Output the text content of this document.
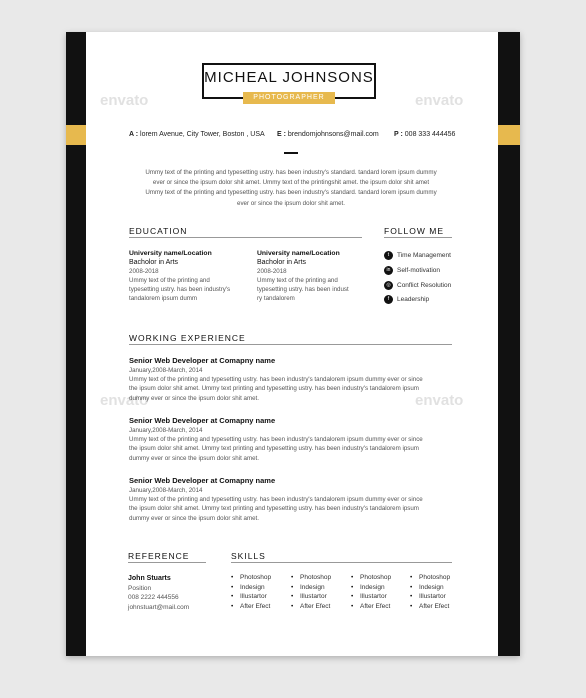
envato	envato
envato	envato
MICHEAL JOHNSONS
PHOTOGRAPHER
A : lorem Avenue, City Tower, Boston , USA E : brendomjohnsons@mail.com P : 008 333 444456
Ummy text of the printing and typesetting ustry. has been industry's standard. tandard lorem ipsum dummy
ever or since the ipsum dolor shit amet. Ummy text of the printingshit amet. the ipsum dolor shit amet
Ummy text of the printing and typesetting ustry. has been industry's standard. tandard lorem ipsum dummy
ever or since the ipsum dolor shit amet.
EDUCATION
University name/Location
Bacholor in Arts
2008-2018
Ummy text of the printing and
typesetting ustry. has been industry's
tandalorem ipsum dumm
University name/Location
Bacholor in Arts
2008-2018
Ummy text of the printing and
typesetting ustry. has been indust
ry tandalorem
FOLLOW ME
t	Time Management
in	Self-motivation
◎ Conflict Resolution
f	Leadership
WORKING EXPERIENCE
Senior Web Developer at Comapny name
January,2008-March, 2014
Ummy text of the printing and typesetting ustry. has been industry's tandalorem ipsum dummy ever or since
the ipsum dolor shit amet. Ummy text printing and typesetting ustry. has been industry's tandalorem ipsum
dummy ever or since the ipsum dolor shit amet.
Senior Web Developer at Comapny name
January,2008-March, 2014
Ummy text of the printing and typesetting ustry. has been industry's tandalorem ipsum dummy ever or since
the ipsum dolor shit amet. Ummy text printing and typesetting ustry. has been industry's tandalorem ipsum
dummy ever or since the ipsum dolor shit amet.
Senior Web Developer at Comapny name
January,2008-March, 2014
Ummy text of the printing and typesetting ustry. has been industry's tandalorem ipsum dummy ever or since
the ipsum dolor shit amet. Ummy text printing and typesetting ustry. has been industry's tandalorem ipsum
dummy ever or since the ipsum dolor shit amet.
REFERENCE
John Stuarts
Position
008 2222 444556
johnstuart@mail.com
SKILLS
• Photoshop
• Indesign
• Illustartor
• After Efect
• Photoshop
• Indesign
• Illustartor
• After Efect
• Photoshop
• Indesign
• Illustartor
• After Efect
• Photoshop
• Indesign
• Illustartor
• After Efect
